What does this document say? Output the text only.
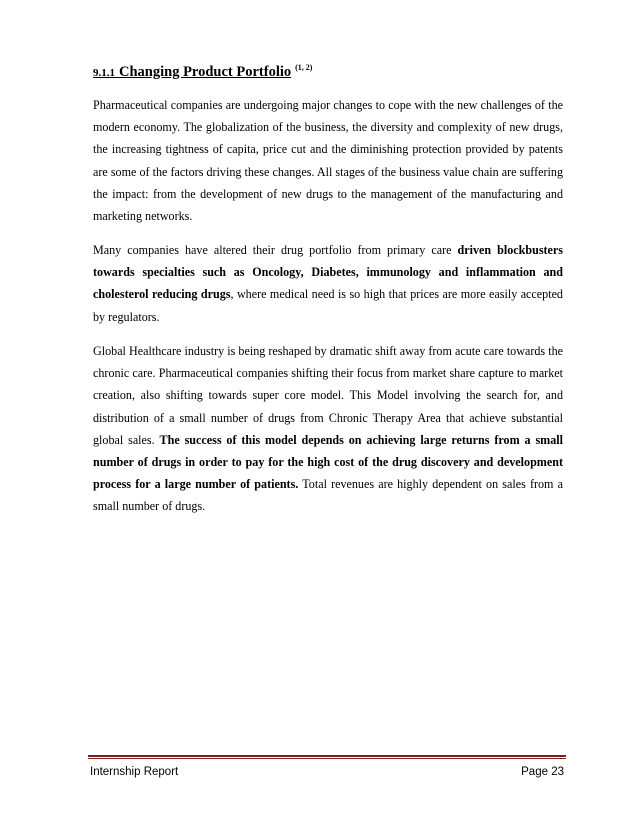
9.1.1 Changing Product Portfolio $^{(1, 2)}$

Pharmaceutical companies are undergoing major changes to cope with the new challenges of the modern economy. The globalization of the business, the diversity and complexity of new drugs, the increasing tightness of capita, price cut and the diminishing protection provided by patents are some of the factors driving these changes. All stages of the business value chain are suffering the impact: from the development of new drugs to the management of the manufacturing and marketing networks.

Many companies have altered their drug portfolio from primary care driven blockbusters towards specialties such as Oncology, Diabetes, immunology and inflammation and cholesterol reducing drugs, where medical need is so high that prices are more easily accepted by regulators.

Global Healthcare industry is being reshaped by dramatic shift away from acute care towards the chronic care. Pharmaceutical companies shifting their focus from market share capture to market creation, also shifting towards super core model. This Model involving the search for, and distribution of a small number of drugs from Chronic Therapy Area that achieve substantial global sales. The success of this model depends on achieving large returns from a small number of drugs in order to pay for the high cost of the drug discovery and development process for a large number of patients. Total revenues are highly dependent on sales from a small number of drugs.

Internship Report	Page 23
